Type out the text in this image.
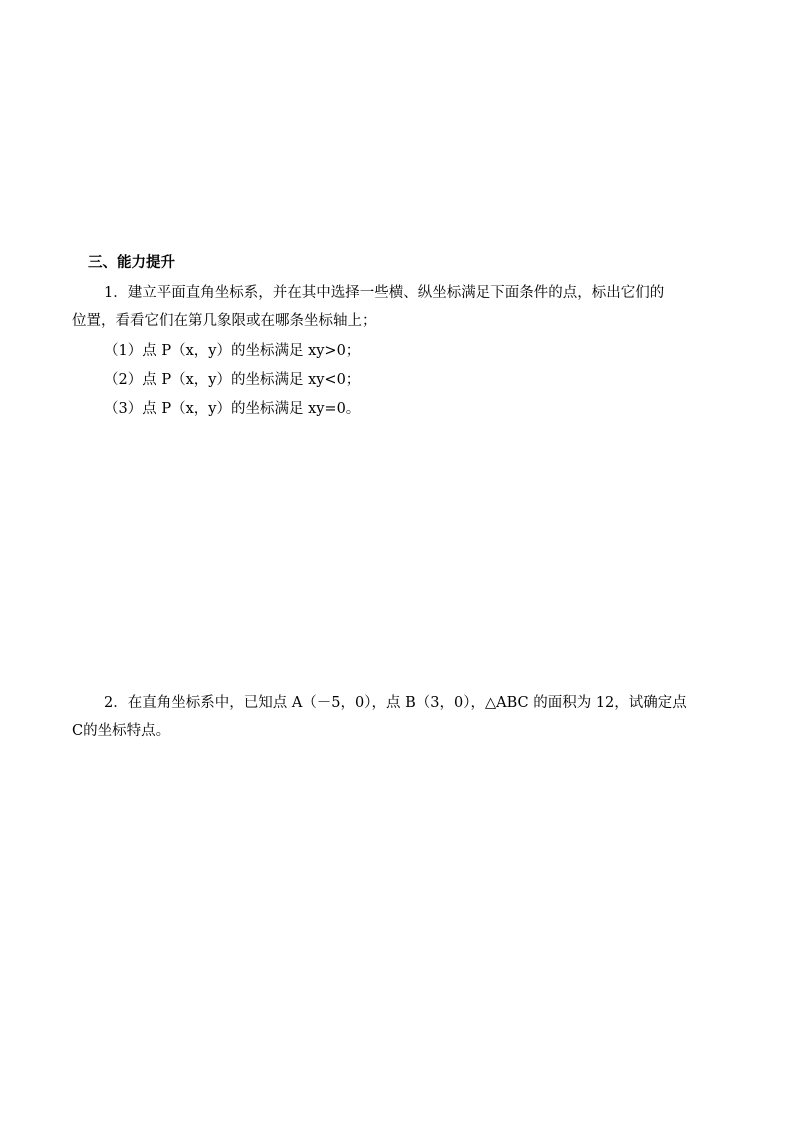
三、能力提升
1．建立平面直角坐标系，并在其中选择一些横、纵坐标满足下面条件的点，标出它们的
位置，看看它们在第几象限或在哪条坐标轴上；
（1）点 P（x，y）的坐标满足 xy>0；
（2）点 P（x，y）的坐标满足 xy<0；
（3）点 P（x，y）的坐标满足 xy=0。
2．在直角坐标系中，已知点 A（－5，0），点 B（3，0），△ABC 的面积为 12，试确定点
C的坐标特点。
